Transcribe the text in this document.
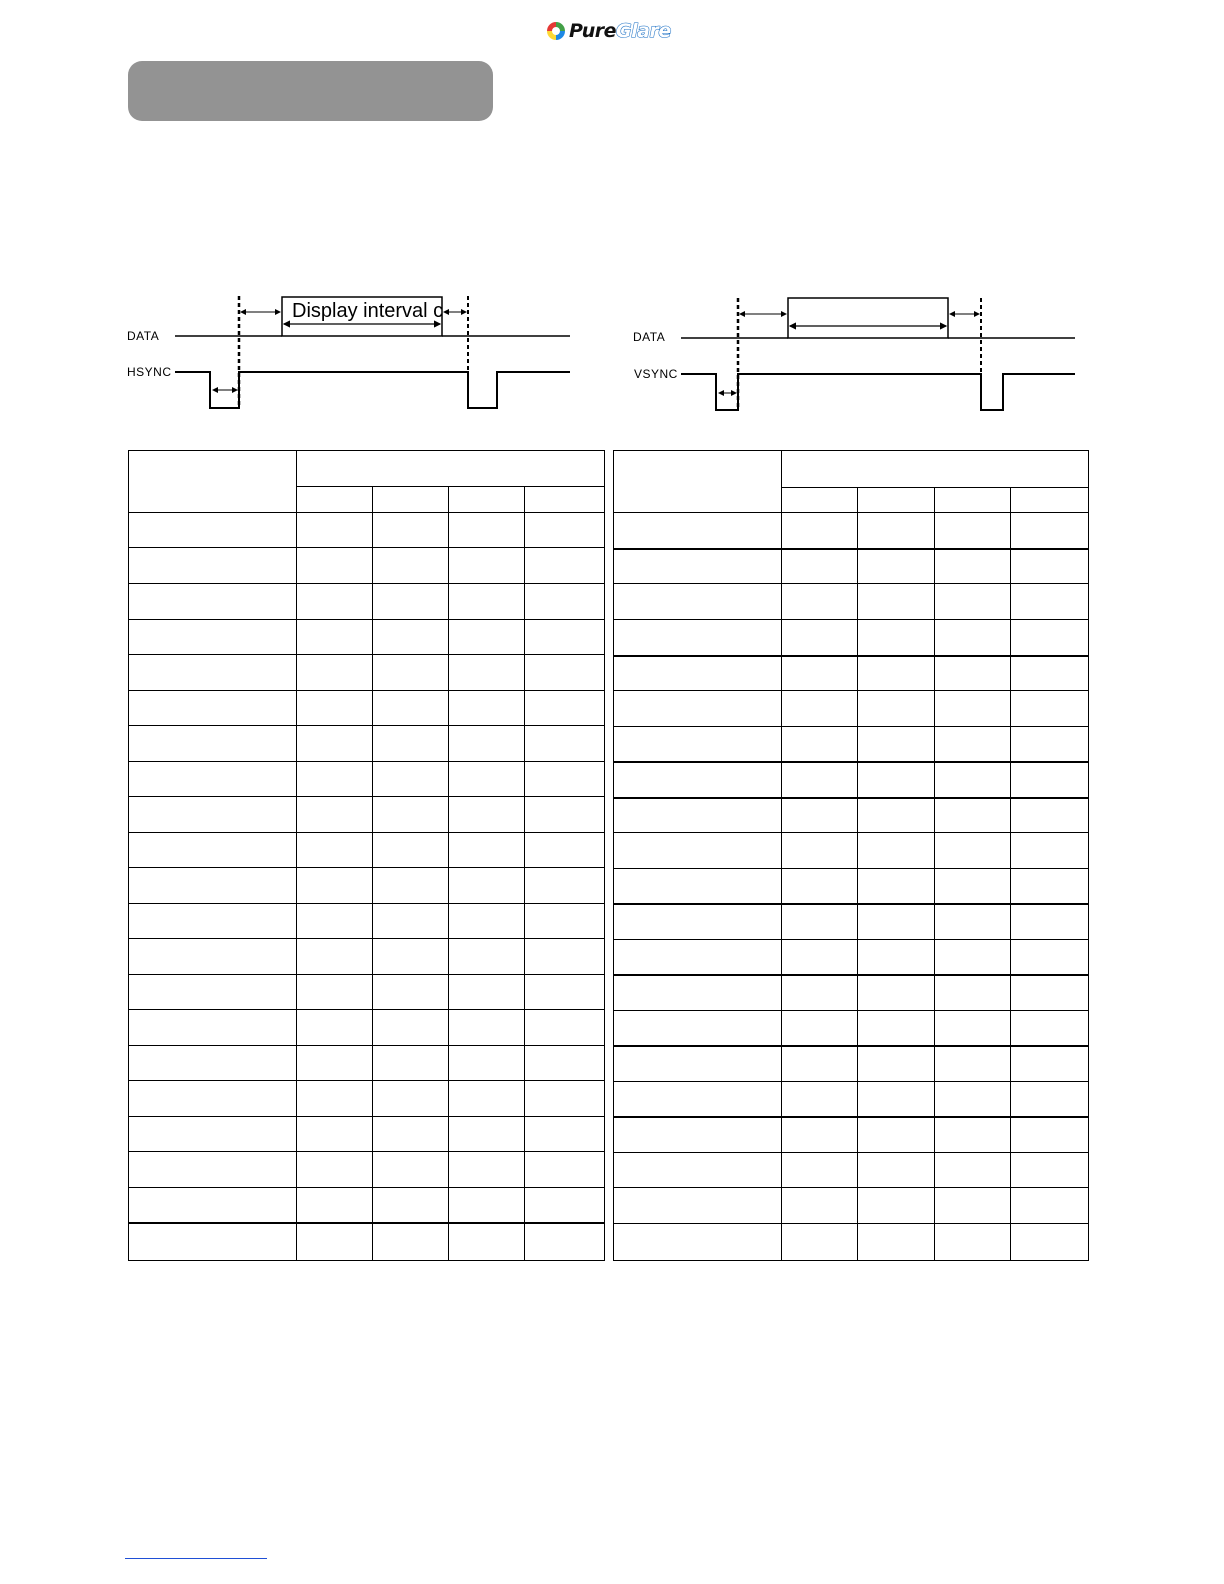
PureGlare
DATA
HSYNC
Display interval c
DATA
VSYNC
